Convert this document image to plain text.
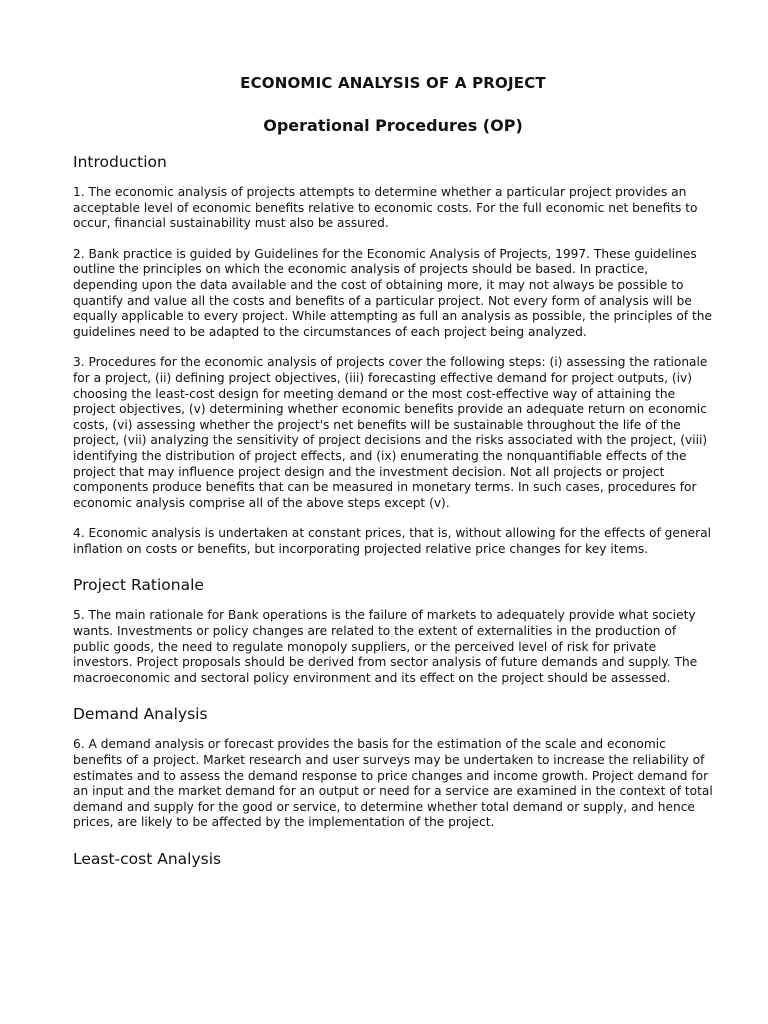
ECONOMIC ANALYSIS OF A PROJECT
Operational Procedures (OP)
Introduction

1. The economic analysis of projects attempts to determine whether a particular project provides an acceptable level of economic benefits relative to economic costs. For the full economic net benefits to occur, financial sustainability must also be assured.

2. Bank practice is guided by Guidelines for the Economic Analysis of Projects, 1997. These guidelines outline the principles on which the economic analysis of projects should be based. In practice, depending upon the data available and the cost of obtaining more, it may not always be possible to quantify and value all the costs and benefits of a particular project. Not every form of analysis will be equally applicable to every project. While attempting as full an analysis as possible, the principles of the guidelines need to be adapted to the circumstances of each project being analyzed.

3. Procedures for the economic analysis of projects cover the following steps: (i) assessing the rationale for a project, (ii) defining project objectives, (iii) forecasting effective demand for project outputs, (iv) choosing the least-cost design for meeting demand or the most cost-effective way of attaining the project objectives, (v) determining whether economic benefits provide an adequate return on economic costs, (vi) assessing whether the project's net benefits will be sustainable throughout the life of the project, (vii) analyzing the sensitivity of project decisions and the risks associated with the project, (viii) identifying the distribution of project effects, and (ix) enumerating the nonquantifiable effects of the project that may influence project design and the investment decision. Not all projects or project components produce benefits that can be measured in monetary terms. In such cases, procedures for economic analysis comprise all of the above steps except (v).

4. Economic analysis is undertaken at constant prices, that is, without allowing for the effects of general inflation on costs or benefits, but incorporating projected relative price changes for key items.

Project Rationale

5. The main rationale for Bank operations is the failure of markets to adequately provide what society wants. Investments or policy changes are related to the extent of externalities in the production of public goods, the need to regulate monopoly suppliers, or the perceived level of risk for private investors. Project proposals should be derived from sector analysis of future demands and supply. The macroeconomic and sectoral policy environment and its effect on the project should be assessed.

Demand Analysis

6. A demand analysis or forecast provides the basis for the estimation of the scale and economic benefits of a project. Market research and user surveys may be undertaken to increase the reliability of estimates and to assess the demand response to price changes and income growth. Project demand for an input and the market demand for an output or need for a service are examined in the context of total demand and supply for the good or service, to determine whether total demand or supply, and hence prices, are likely to be affected by the implementation of the project.

Least-cost Analysis
